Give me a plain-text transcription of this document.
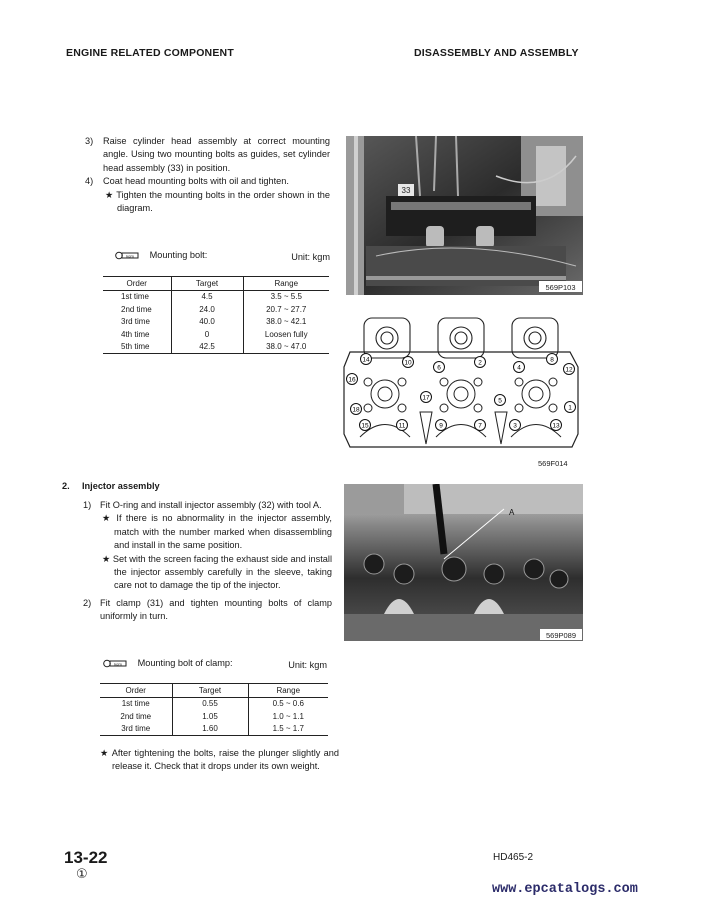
ENGINE RELATED COMPONENT	DISASSEMBLY AND ASSEMBLY
3) Raise cylinder head assembly at correct mounting angle. Using two mounting bolts as guides, set cylinder head assembly (33) in position.
4) Coat head mounting bolts with oil and tighten.
★ Tighten the mounting bolts in the order shown in the diagram.
kgm Mounting bolt:	Unit: kgm
Order	Target	Range
1st time	4.5	3.5 ~ 5.5
2nd time	24.0	20.7 ~ 27.7
3rd time	40.0	38.0 ~ 42.1
4th time	0	Loosen fully
5th time	42.5	38.0 ~ 47.0
33
569P103
14	10
6
2
4
8
12
16
18
17	5
1
15	11	9	7	3	13
569F014
2. Injector assembly
1) Fit O-ring and install injector assembly (32) with tool A.
★ If there is no abnormality in the injector assembly, match with the number marked when disassembling and install in the same position.
★ Set with the screen facing the exhaust side and install the injector assembly carefully in the sleeve, taking care not to damage the tip of the injector.
2) Fit clamp (31) and tighten mounting bolts of clamp uniformly in turn.
kgm Mounting bolt of clamp:	Unit: kgm
Order	Target	Range
1st time	0.55	0.5 ~ 0.6
2nd time	1.05	1.0 ~ 1.1
3rd time	1.60	1.5 ~ 1.7
★ After tightening the bolts, raise the plunger slightly and release it. Check that it drops under its own weight.
A
569P089
13-22
①
HD465-2
www.epcatalogs.com
